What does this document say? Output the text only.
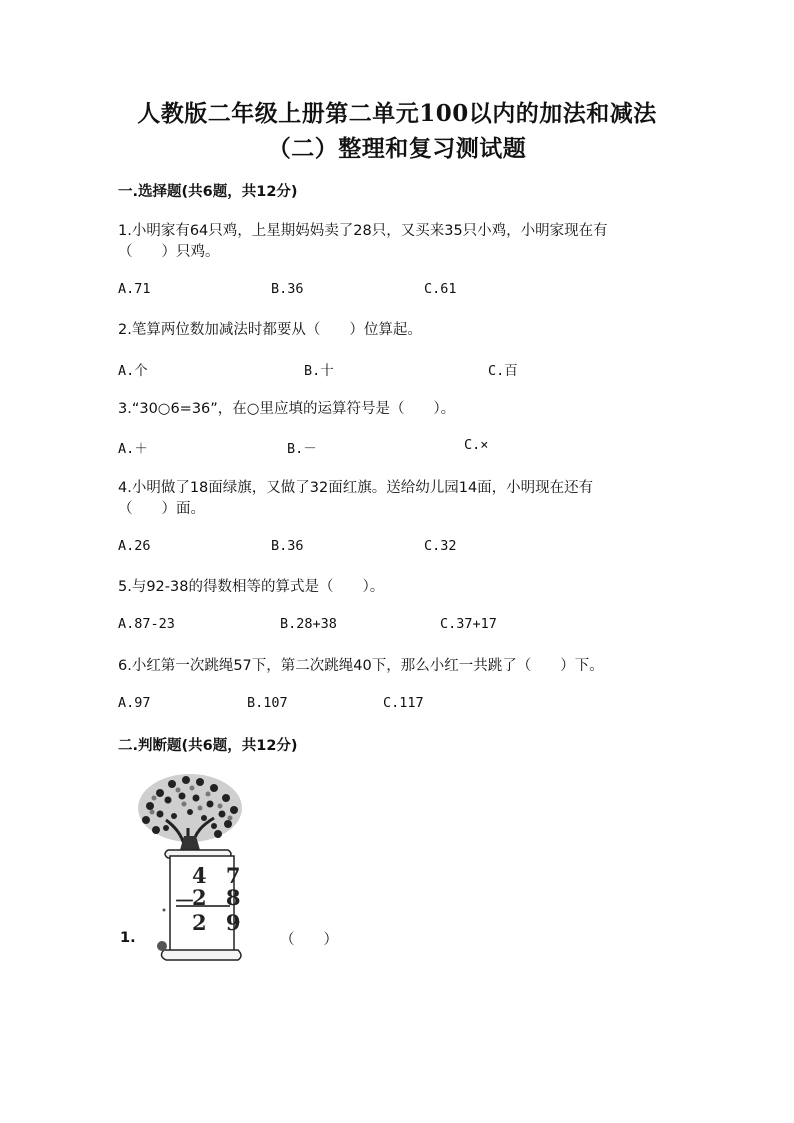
人教版二年级上册第二单元100以内的加法和减法
（二）整理和复习测试题
一.选择题(共6题，共12分)
1.小明家有64只鸡，上星期妈妈卖了28只，又买来35只小鸡，小明家现在有
（　　）只鸡。
A.71	B.36	C.61
2.笔算两位数加减法时都要从（　　）位算起。
A.个	B.十	C.百
3.“30○6=36”，在○里应填的运算符号是（　　）。
A.＋	B.－	C.×
4.小明做了18面绿旗，又做了32面红旗。送给幼儿园14面，小明现在还有
（　　）面。
A.26	B.36	C.32
5.与92-38的得数相等的算式是（　　）。
A.87-23	B.28+38	C.37+17
6.小红第一次跳绳57下，第二次跳绳40下，那么小红一共跳了（　　）下。
A.97	B.107	C.117
二.判断题(共6题，共12分)
1.
4 7
－
2 8
2 9
（　　）
